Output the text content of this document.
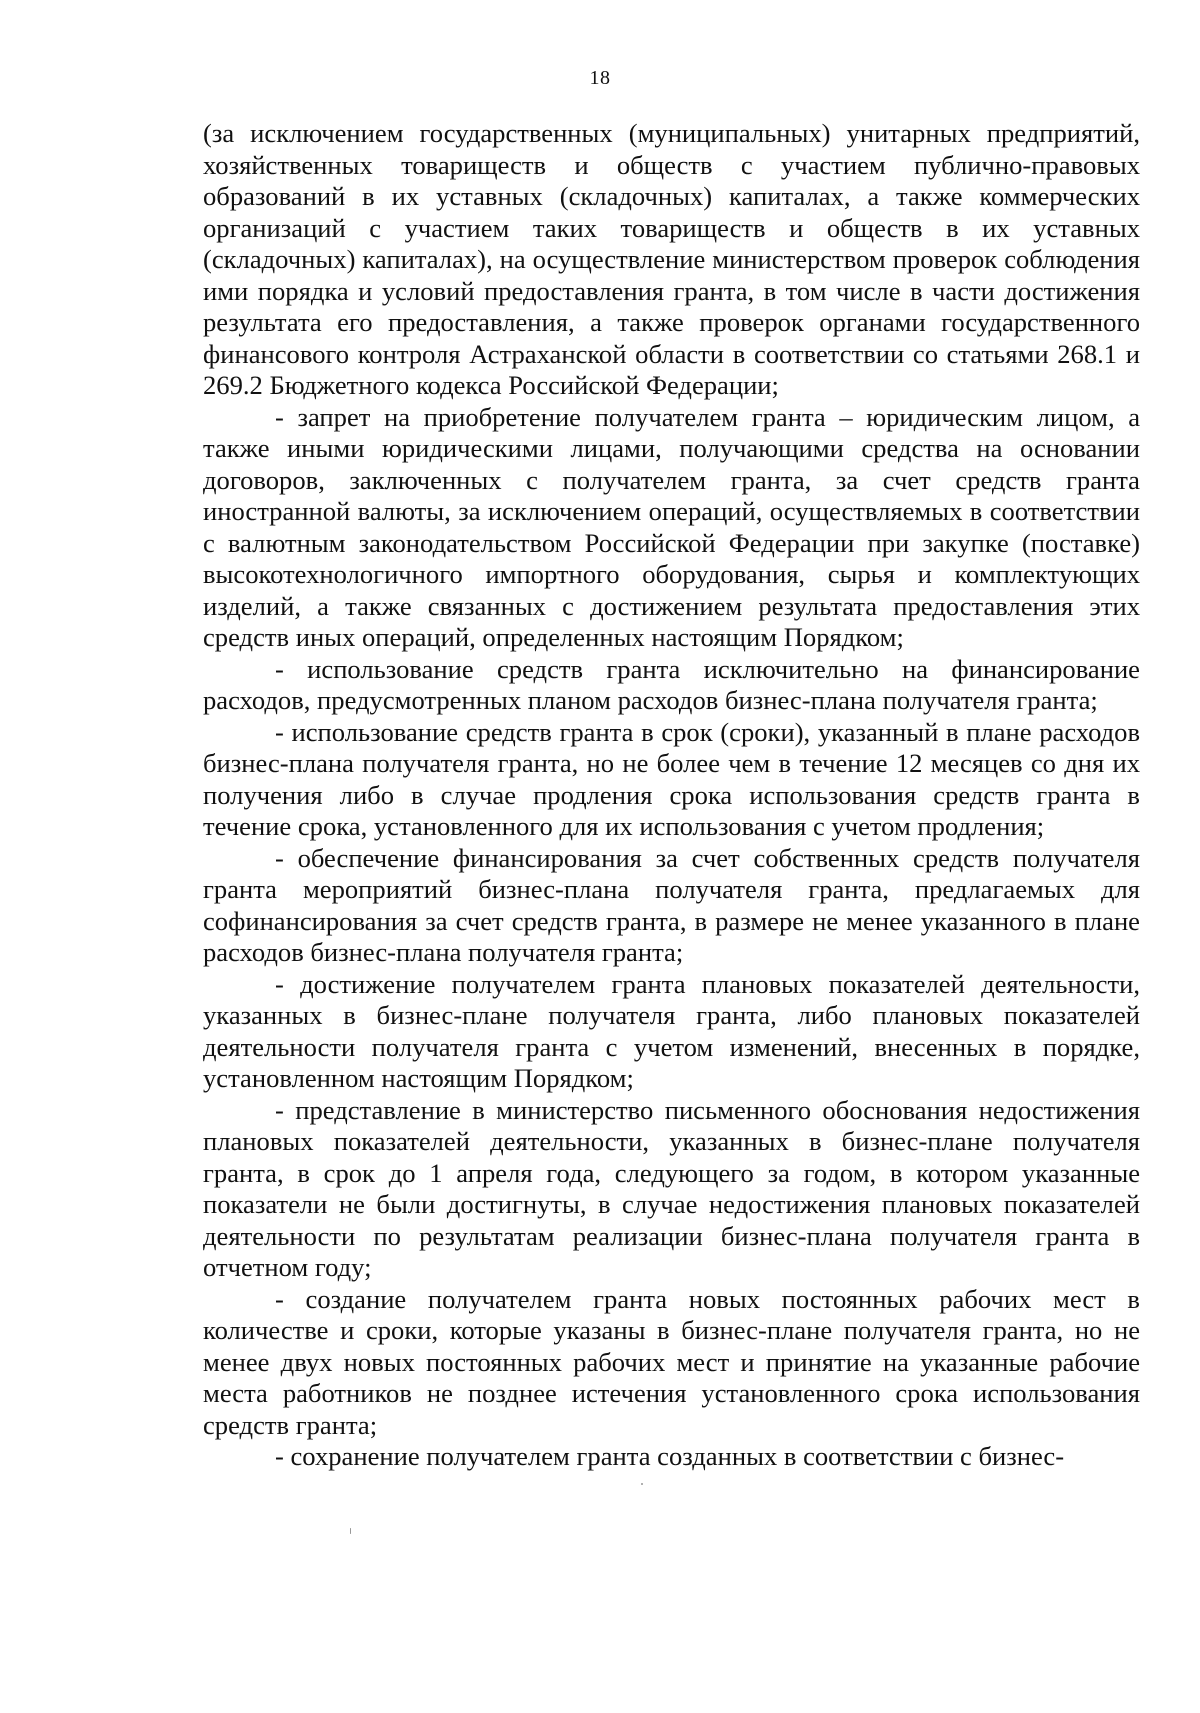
18

(за исключением государственных (муниципальных) унитарных предприятий, хозяйственных товариществ и обществ с участием публично-правовых образований в их уставных (складочных) капиталах, а также коммерческих организаций с участием таких товариществ и обществ в их уставных (складочных) капиталах), на осуществление министерством проверок соблюдения ими порядка и условий предоставления гранта, в том числе в части достижения результата его предоставления, а также проверок органами государственного финансового контроля Астраханской области в соответствии со статьями 268.1 и 269.2 Бюджетного кодекса Российской Федерации;

- запрет на приобретение получателем гранта – юридическим лицом, а также иными юридическими лицами, получающими средства на основании договоров, заключенных с получателем гранта, за счет средств гранта иностранной валюты, за исключением операций, осуществляемых в соответствии с валютным законодательством Российской Федерации при закупке (поставке) высокотехнологичного импортного оборудования, сырья и комплектующих изделий, а также связанных с достижением результата предоставления этих средств иных операций, определенных настоящим Порядком;

- использование средств гранта исключительно на финансирование расходов, предусмотренных планом расходов бизнес-плана получателя гранта;

- использование средств гранта в срок (сроки), указанный в плане расходов бизнес-плана получателя гранта, но не более чем в течение 12 месяцев со дня их получения либо в случае продления срока использования средств гранта в течение срока, установленного для их использования с учетом продления;

- обеспечение финансирования за счет собственных средств получателя гранта мероприятий бизнес-плана получателя гранта, предлагаемых для софинансирования за счет средств гранта, в размере не менее указанного в плане расходов бизнес-плана получателя гранта;

- достижение получателем гранта плановых показателей деятельности, указанных в бизнес-плане получателя гранта, либо плановых показателей деятельности получателя гранта с учетом изменений, внесенных в порядке, установленном настоящим Порядком;

- представление в министерство письменного обоснования недостижения плановых показателей деятельности, указанных в бизнес-плане получателя гранта, в срок до 1 апреля года, следующего за годом, в котором указанные показатели не были достигнуты, в случае недостижения плановых показателей деятельности по результатам реализации бизнес-плана получателя гранта в отчетном году;

- создание получателем гранта новых постоянных рабочих мест в количестве и сроки, которые указаны в бизнес-плане получателя гранта, но не менее двух новых постоянных рабочих мест и принятие на указанные рабочие места работников не позднее истечения установленного срока использования средств гранта;

- сохранение получателем гранта созданных в соответствии с бизнес-
